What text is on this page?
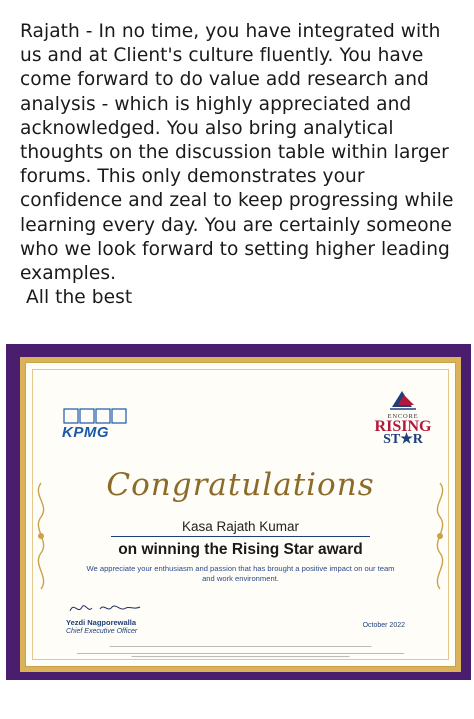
Rajath - In no time, you have integrated with us and at Client's culture fluently. You have come forward to do value add research and analysis - which is highly appreciated and acknowledged. You also bring analytical thoughts on the discussion table within larger forums. This only demonstrates your confidence and zeal to keep progressing while learning every day. You are certainly someone who we look forward to setting higher leading examples.

All the best

KPMG
ENCORE
RISING
ST★R
Congratulations
Kasa Rajath Kumar
on winning the Rising Star award
We appreciate your enthusiasm and passion that has brought a positive impact on our team and work environment.
Yezdi Nagporewalla
Chief Executive Officer
October 2022
